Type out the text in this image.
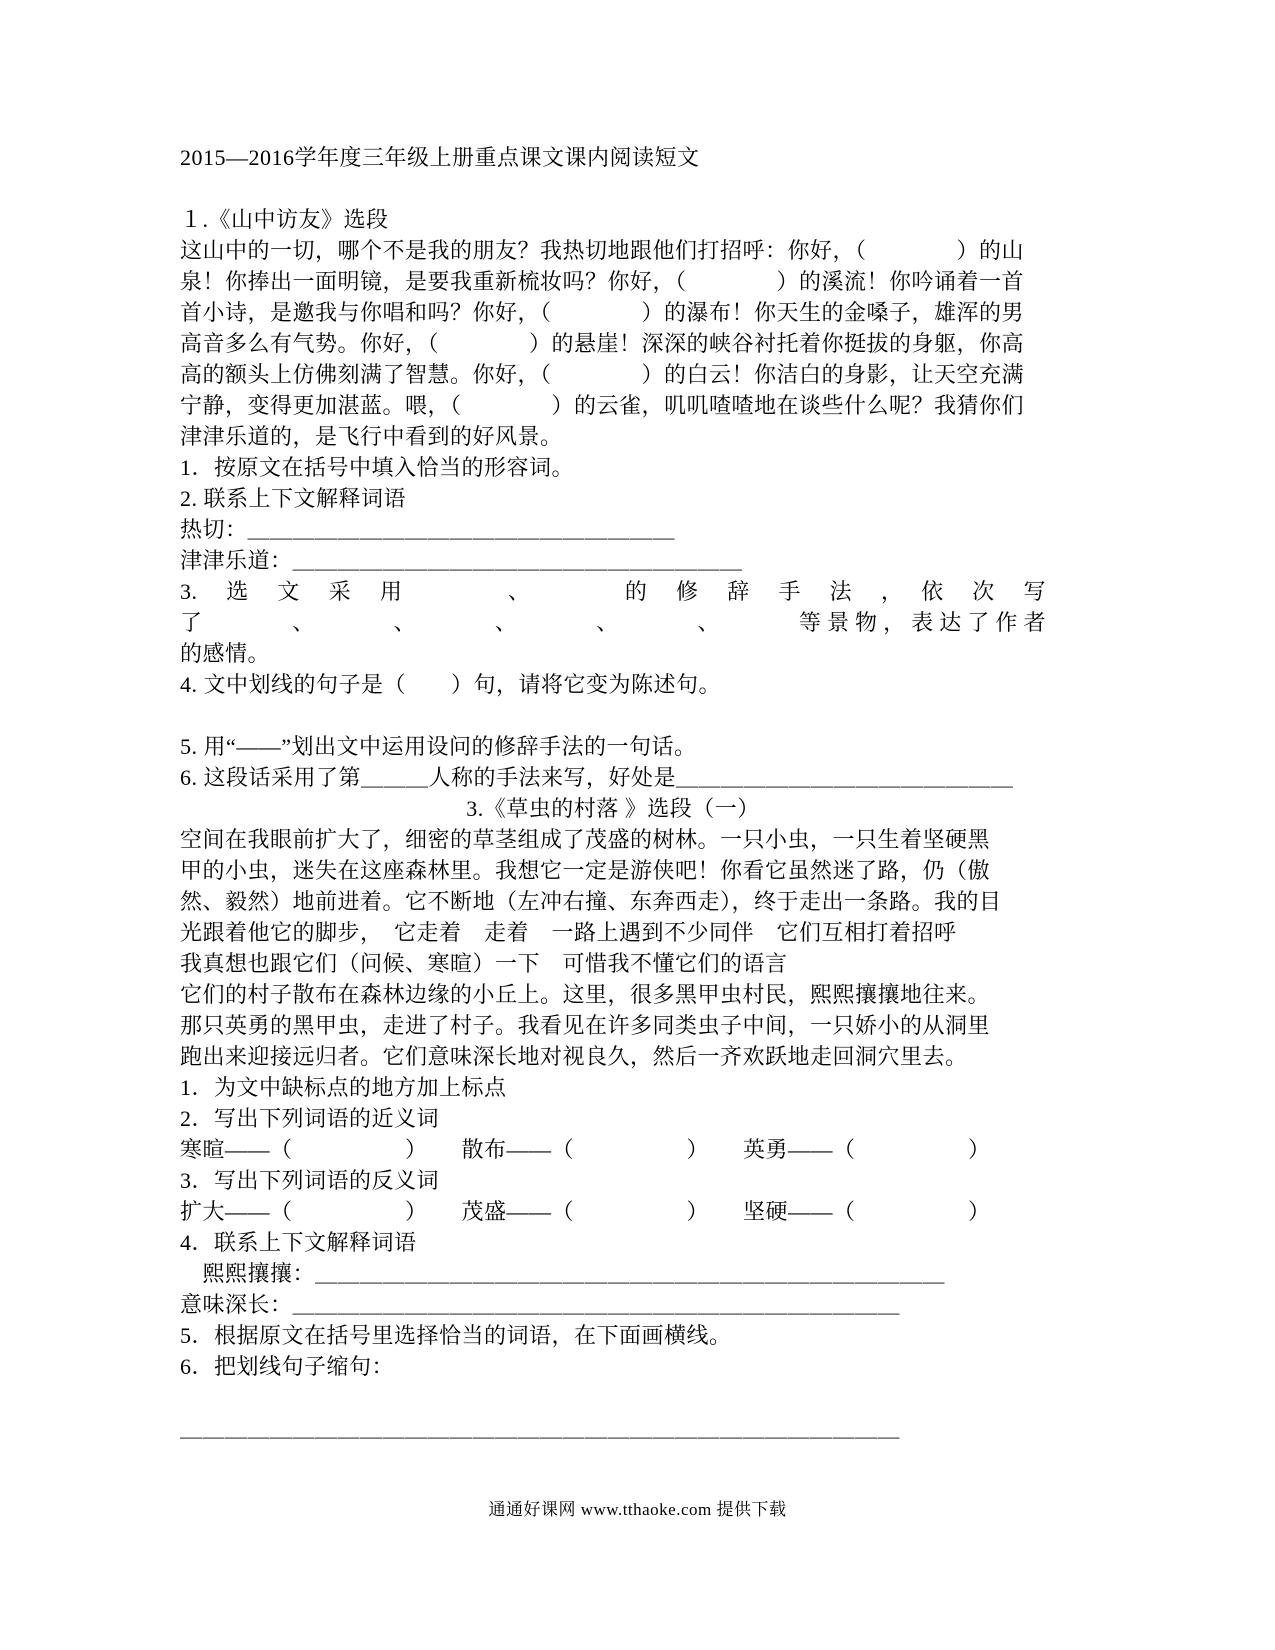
2015—2016学年度三年级上册重点课文课内阅读短文
１.《山中访友》选段
这山中的一切，哪个不是我的朋友？我热切地跟他们打招呼：你好，（　　　　）的山
泉！你捧出一面明镜，是要我重新梳妆吗？你好，（　　　　）的溪流！你吟诵着一首
首小诗，是邀我与你唱和吗？你好，（　　　　）的瀑布！你天生的金嗓子，雄浑的男
高音多么有气势。你好，（　　　　）的悬崖！深深的峡谷衬托着你挺拔的身躯，你高
高的额头上仿佛刻满了智慧。你好，（　　　　）的白云！你洁白的身影，让天空充满
宁静，变得更加湛蓝。喂，（　　　　）的云雀，叽叽喳喳地在谈些什么呢？我猜你们
津津乐道的，是飞行中看到的好风景。
1．按原文在括号中填入恰当的形容词。
2. 联系上下文解释词语
热切：＿＿＿＿＿＿＿＿＿＿＿＿＿＿＿＿＿＿＿
津津乐道：＿＿＿＿＿＿＿＿＿＿＿＿＿＿＿＿＿＿＿＿
3.　选　文　采　用　　　　、　　　　的　修　辞　手　法　，　依　次　写
了　　　、　　　、　　　、　　　、　　　、　　　等景物，表达了作者
的感情。
4. 文中划线的句子是（　　）句，请将它变为陈述句。
5. 用“——”划出文中运用设问的修辞手法的一句话。
6. 这段话采用了第＿＿＿人称的手法来写，好处是＿＿＿＿＿＿＿＿＿＿＿＿＿＿＿
3.《草虫的村落 》选段（一）
空间在我眼前扩大了，细密的草茎组成了茂盛的树林。一只小虫，一只生着坚硬黑
甲的小虫，迷失在这座森林里。我想它一定是游侠吧！你看它虽然迷了路，仍（傲
然、毅然）地前进着。它不断地（左冲右撞、东奔西走），终于走出一条路。我的目
光跟着他它的脚步，　它走着　走着　一路上遇到不少同伴　它们互相打着招呼
我真想也跟它们（问候、寒暄）一下　可惜我不懂它们的语言
它们的村子散布在森林边缘的小丘上。这里，很多黑甲虫村民，熙熙攘攘地往来。
那只英勇的黑甲虫，走进了村子。我看见在许多同类虫子中间，一只娇小的从洞里
跑出来迎接远归者。它们意味深长地对视良久，然后一齐欢跃地走回洞穴里去。
1．为文中缺标点的地方加上标点
2．写出下列词语的近义词
寒暄——（　　　　　）　　散布——（　　　　　）　　英勇——（　　　　　）
3．写出下列词语的反义词
扩大——（　　　　　）　　茂盛——（　　　　　）　　坚硬——（　　　　　）
4．联系上下文解释词语
　熙熙攘攘：＿＿＿＿＿＿＿＿＿＿＿＿＿＿＿＿＿＿＿＿＿＿＿＿＿＿＿＿
意味深长：＿＿＿＿＿＿＿＿＿＿＿＿＿＿＿＿＿＿＿＿＿＿＿＿＿＿＿
5．根据原文在括号里选择恰当的词语，在下面画横线。
6．把划线句子缩句：
＿＿＿＿＿＿＿＿＿＿＿＿＿＿＿＿＿＿＿＿＿＿＿＿＿＿＿＿＿＿＿＿
通通好课网 www.tthaoke.com 提供下载
